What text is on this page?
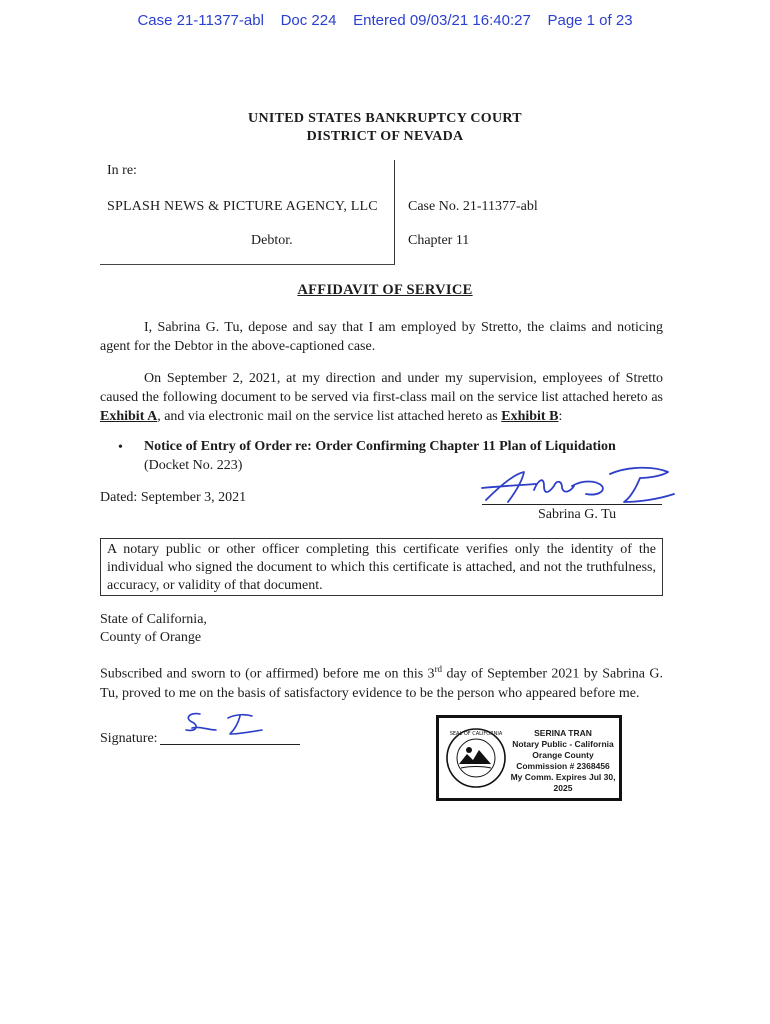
Case 21-11377-abl Doc 224 Entered 09/03/21 16:40:27 Page 1 of 23
UNITED STATES BANKRUPTCY COURT
DISTRICT OF NEVADA
In re:
SPLASH NEWS & PICTURE AGENCY, LLC
Debtor.
Case No. 21-11377-abl
Chapter 11
AFFIDAVIT OF SERVICE
I, Sabrina G. Tu, depose and say that I am employed by Stretto, the claims and noticing agent for the Debtor in the above-captioned case.
On September 2, 2021, at my direction and under my supervision, employees of Stretto caused the following document to be served via first-class mail on the service list attached hereto as Exhibit A, and via electronic mail on the service list attached hereto as Exhibit B:
• Notice of Entry of Order re: Order Confirming Chapter 11 Plan of Liquidation
(Docket No. 223)
Dated: September 3, 2021
Sabrina G. Tu
A notary public or other officer completing this certificate verifies only the identity of the individual who signed the document to which this certificate is attached, and not the truthfulness, accuracy, or validity of that document.
State of California,
County of Orange
Subscribed and sworn to (or affirmed) before me on this 3rd day of September 2021 by Sabrina G. Tu, proved to me on the basis of satisfactory evidence to be the person who appeared before me.
Signature:	SEAL OF CALIFORNIA	SERINA TRAN
Notary Public - California
Orange County
Commission # 2368456
My Comm. Expires Jul 30, 2025
